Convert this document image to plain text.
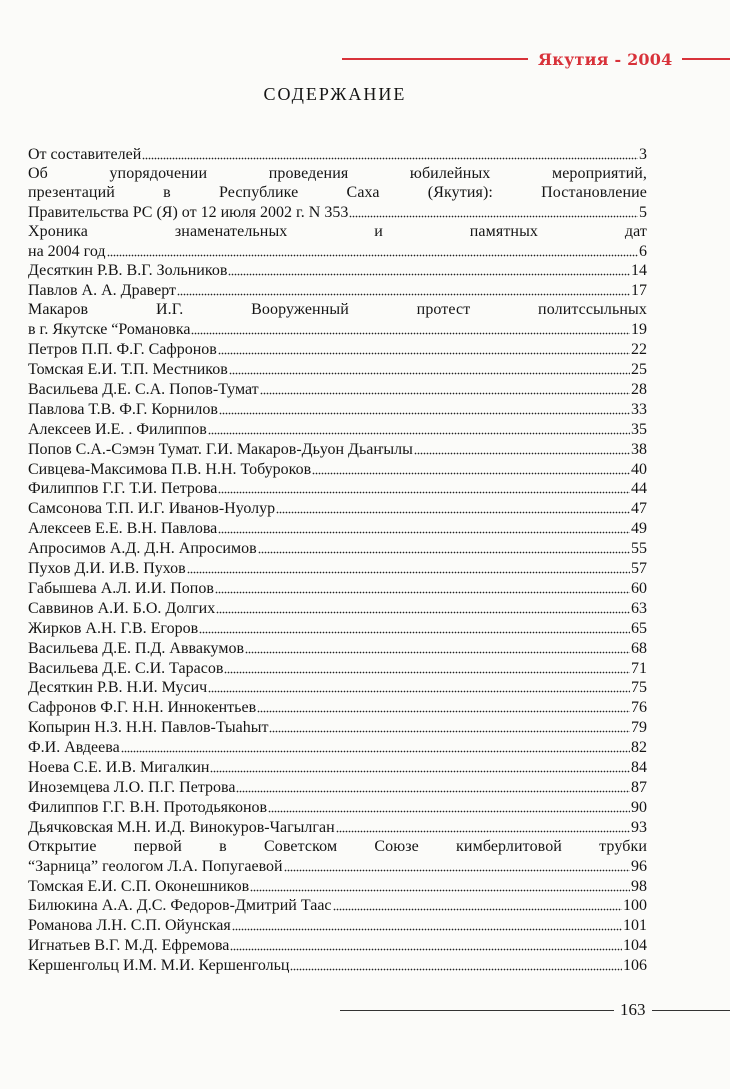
Якутия - 2004
СОДЕРЖАНИЕ
От составителей	3
Об упорядочении проведения юбилейных мероприятий,
презентаций в Республике Саха (Якутия): Постановление
Правительства РС (Я) от 12 июля 2002 г. N 353	5
Хроника знаменательных и памятных дат
на 2004 год	6
Десяткин Р.В. В.Г. Зольников	14
Павлов А. А. Драверт	17
Макаров И.Г. Вооруженный протест политссыльных
в г. Якутске “Романовка	19
Петров П.П. Ф.Г. Сафронов	22
Томская Е.И. Т.П. Местников	25
Васильева Д.Е. С.А. Попов-Тумат	28
Павлова Т.В. Ф.Г. Корнилов	33
Алексеев И.Е. . Филиппов	35
Попов С.А.-Сэмэн Тумат. Г.И. Макаров-Дьуон Дьаҥылы	38
Сивцева-Максимова П.В. Н.Н. Тобуроков	40
Филиппов Г.Г. Т.И. Петрова	44
Самсонова Т.П. И.Г. Иванов-Нуолур	47
Алексеев Е.Е. В.Н. Павлова	49
Апросимов А.Д. Д.Н. Апросимов	55
Пухов Д.И. И.В. Пухов	57
Габышева А.Л. И.И. Попов	60
Саввинов А.И. Б.О. Долгих	63
Жирков А.Н. Г.В. Егоров	65
Васильева Д.Е. П.Д. Аввакумов	68
Васильева Д.Е. С.И. Тарасов	71
Десяткин Р.В. Н.И. Мусич	75
Сафронов Ф.Г. Н.Н. Иннокентьев	76
Копырин Н.З. Н.Н. Павлов-Тыаһыт	79
Ф.И. Авдеева	82
Ноева С.Е. И.В. Мигалкин	84
Иноземцева Л.О. П.Г. Петрова	87
Филиппов Г.Г. В.Н. Протодьяконов	90
Дьячковская М.Н. И.Д. Винокуров-Чагылган	93
Открытие первой в Советском Союзе кимберлитовой трубки
“Зарница” геологом Л.А. Попугаевой	96
Томская Е.И. С.П. Оконешников	98
Билюкина А.А. Д.С. Федоров-Дмитрий Таас	100
Романова Л.Н. С.П. Ойунская	101
Игнатьев В.Г. М.Д. Ефремова	104
Кершенгольц И.М. М.И. Кершенгольц	106
163
